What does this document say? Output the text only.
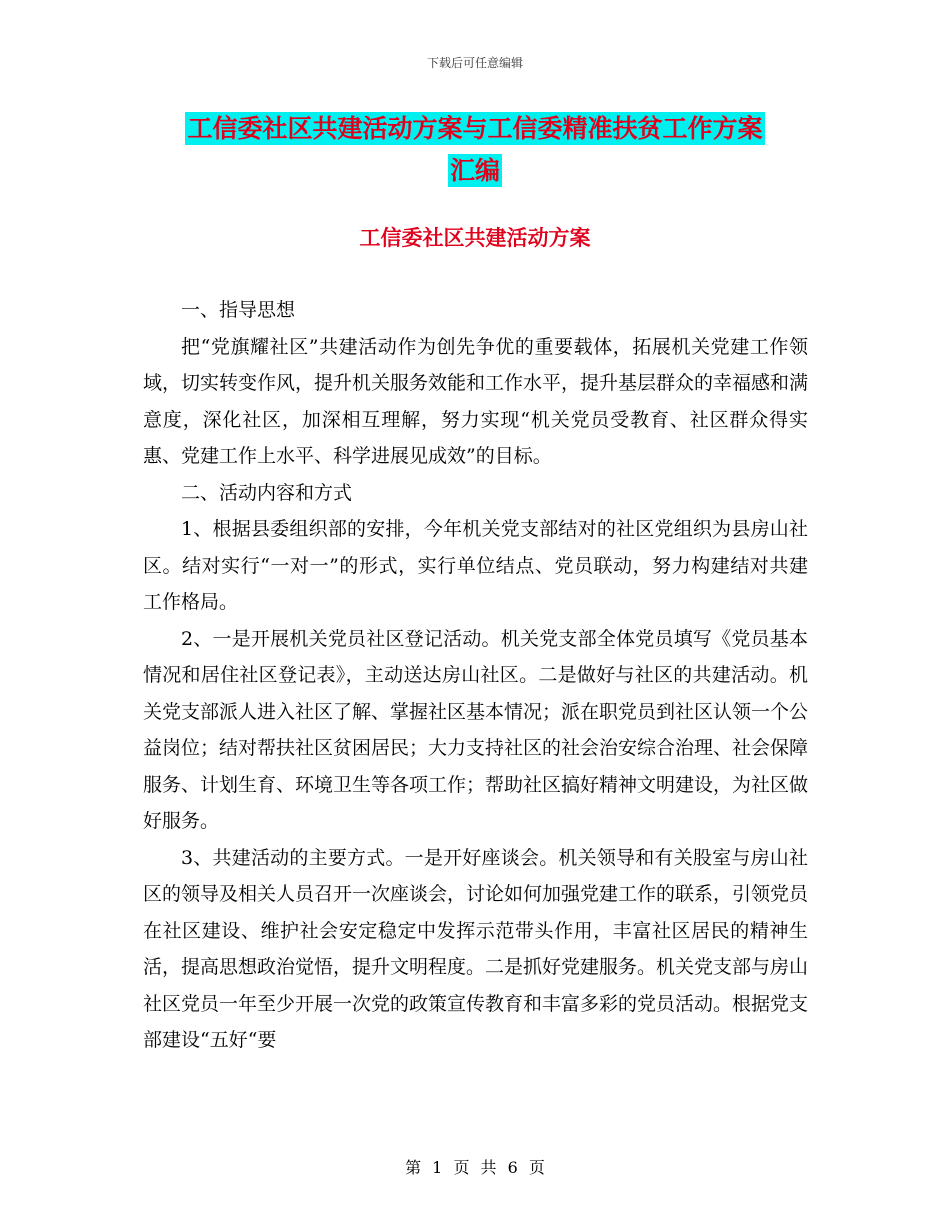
下载后可任意编辑
工信委社区共建活动方案与工信委精准扶贫工作方案
汇编
工信委社区共建活动方案

一、指导思想

把“党旗耀社区”共建活动作为创先争优的重要载体，拓展机关党建工作领域，切实转变作风，提升机关服务效能和工作水平，提升基层群众的幸福感和满意度，深化社区，加深相互理解，努力实现“机关党员受教育、社区群众得实惠、党建工作上水平、科学进展见成效”的目标。

二、活动内容和方式

1、根据县委组织部的安排，今年机关党支部结对的社区党组织为县房山社区。结对实行“一对一”的形式，实行单位结点、党员联动，努力构建结对共建工作格局。

2、一是开展机关党员社区登记活动。机关党支部全体党员填写《党员基本情况和居住社区登记表》，主动送达房山社区。二是做好与社区的共建活动。机关党支部派人进入社区了解、掌握社区基本情况；派在职党员到社区认领一个公益岗位；结对帮扶社区贫困居民；大力支持社区的社会治安综合治理、社会保障服务、计划生育、环境卫生等各项工作；帮助社区搞好精神文明建设，为社区做好服务。

3、共建活动的主要方式。一是开好座谈会。机关领导和有关股室与房山社区的领导及相关人员召开一次座谈会，讨论如何加强党建工作的联系，引领党员在社区建设、维护社会安定稳定中发挥示范带头作用，丰富社区居民的精神生活，提高思想政治觉悟，提升文明程度。二是抓好党建服务。机关党支部与房山社区党员一年至少开展一次党的政策宣传教育和丰富多彩的党员活动。根据党支部建设“五好“要

第 1 页 共 6 页
